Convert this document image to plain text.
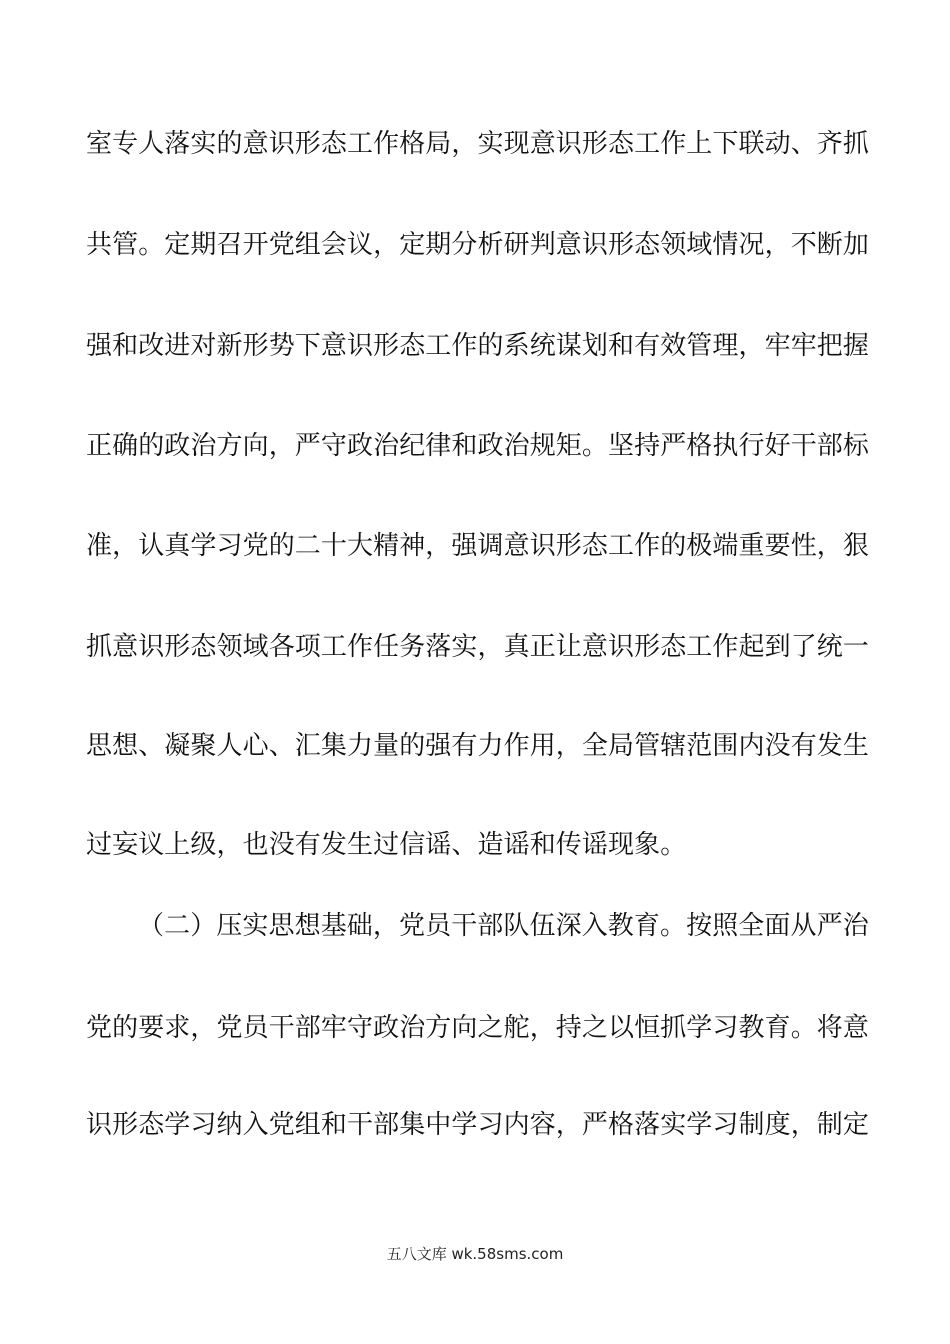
室专人落实的意识形态工作格局，实现意识形态工作上下联动、齐抓
共管。定期召开党组会议，定期分析研判意识形态领域情况，不断加
强和改进对新形势下意识形态工作的系统谋划和有效管理，牢牢把握
正确的政治方向，严守政治纪律和政治规矩。坚持严格执行好干部标
准，认真学习党的二十大精神，强调意识形态工作的极端重要性，狠
抓意识形态领域各项工作任务落实，真正让意识形态工作起到了统一
思想、凝聚人心、汇集力量的强有力作用，全局管辖范围内没有发生
过妄议上级，也没有发生过信谣、造谣和传谣现象。
（二）压实思想基础，党员干部队伍深入教育。按照全面从严治
党的要求，党员干部牢守政治方向之舵，持之以恒抓学习教育。将意
识形态学习纳入党组和干部集中学习内容，严格落实学习制度，制定
五八文库 wk.58sms.com
